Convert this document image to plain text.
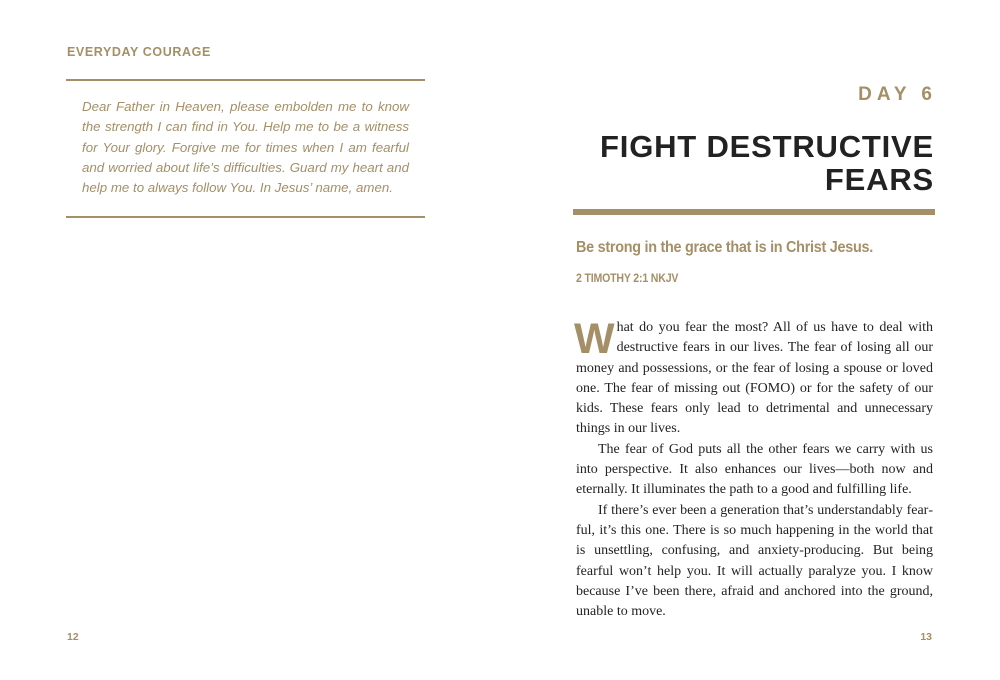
EVERYDAY COURAGE

Dear Father in Heaven, please embolden me to know the strength I can find in You. Help me to be a witness for Your glory. Forgive me for times when I am fearful and worried about life’s difficulties. Guard my heart and help me to always follow You. In Jesus’ name, amen.

12
DAY 6
FIGHT DESTRUCTIVE
FEARS
Be strong in the grace that is in Christ Jesus.
2 TIMOTHY 2:1 NKJV

What do you fear the most? All of us have to deal with destructive fears in our lives. The fear of losing all our money and possessions, or the fear of losing a spouse or loved one. The fear of missing out (FOMO) or for the safety of our kids. These fears only lead to detrimental and unnecessary things in our lives.

The fear of God puts all the other fears we carry with us into perspective. It also enhances our lives—both now and eternally. It illuminates the path to a good and fulfilling life.

If there’s ever been a generation that’s understandably fearful, it’s this one. There is so much happening in the world that is unsettling, confusing, and anxiety-producing. But being fearful won’t help you. It will actually paralyze you. I know because I’ve been there, afraid and anchored into the ground, unable to move.

13
